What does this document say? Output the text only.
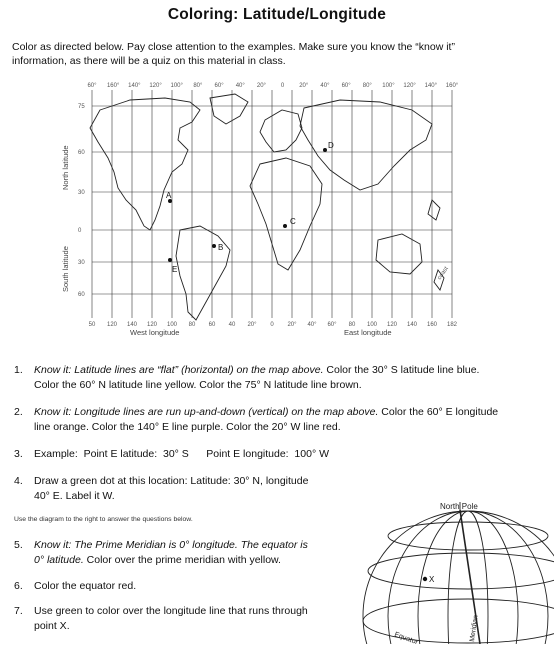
Coloring: Latitude/Longitude
Color as directed below. Pay close attention to the examples. Make sure you know the “know it”
information, as there will be a quiz on this material in class.
75
60
30
0
30
60
60° 160° 140° 120° 100° 80° 60° 40° 20° 0 20° 40° 60° 80° 100° 120° 140° 160°
50 120 140 120 100 80 60 40 20° 0 20° 40° 60° 80 100 120 140 160 182
A
B
C
D
E	coast
North latitude
South latitude
West longitude	East longitude
1. Know it: Latitude lines are “flat” (horizontal) on the map above. Color the 30° S latitude line blue.
Color the 60° N latitude line yellow. Color the 75° N latitude line brown.
2. Know it: Longitude lines are run up-and-down (vertical) on the map above. Color the 60° E longitude
line orange. Color the 140° E line purple. Color the 20° W line red.
3. Example:  Point E latitude:  30° S      Point E longitude:  100° W
4. Draw a green dot at this location: Latitude: 30° N, longitude
40° E. Label it W.
Use the diagram to the right to answer the questions below.
5. Know it: The Prime Meridian is 0° longitude. The equator is
0° latitude. Color over the prime meridian with yellow.
6. Color the equator red.
7. Use green to color over the longitude line that runs through
point X.
North Pole
X
Equator	Meridian
